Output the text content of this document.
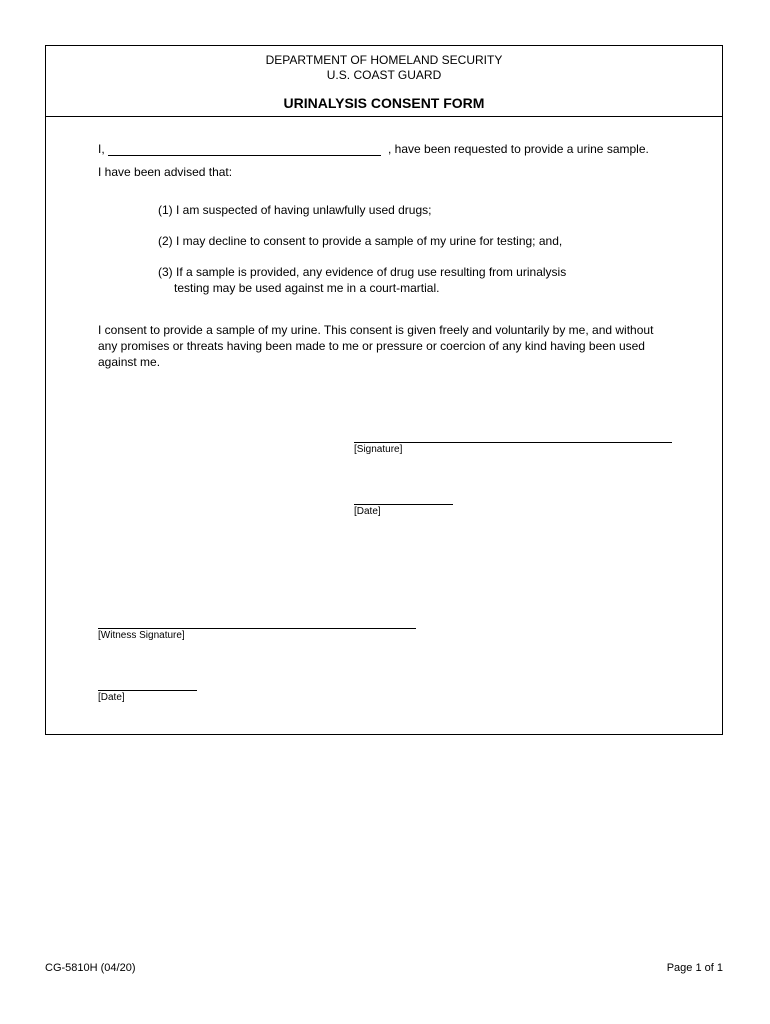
DEPARTMENT OF HOMELAND SECURITY
U.S. COAST GUARD
URINALYSIS CONSENT FORM
I,	, have been requested to provide a urine sample.
I have been advised that:
(1) I am suspected of having unlawfully used drugs;
(2) I may decline to consent to provide a sample of my urine for testing; and,
(3) If a sample is provided, any evidence of drug use resulting from urinalysis
testing may be used against me in a court-martial.
I consent to provide a sample of my urine. This consent is given freely and voluntarily by me, and without any promises or threats having been made to me or pressure or coercion of any kind having been used against me.
[Signature]
[Date]
[Witness Signature]
[Date]
CG-5810H (04/20)	Page 1 of 1
